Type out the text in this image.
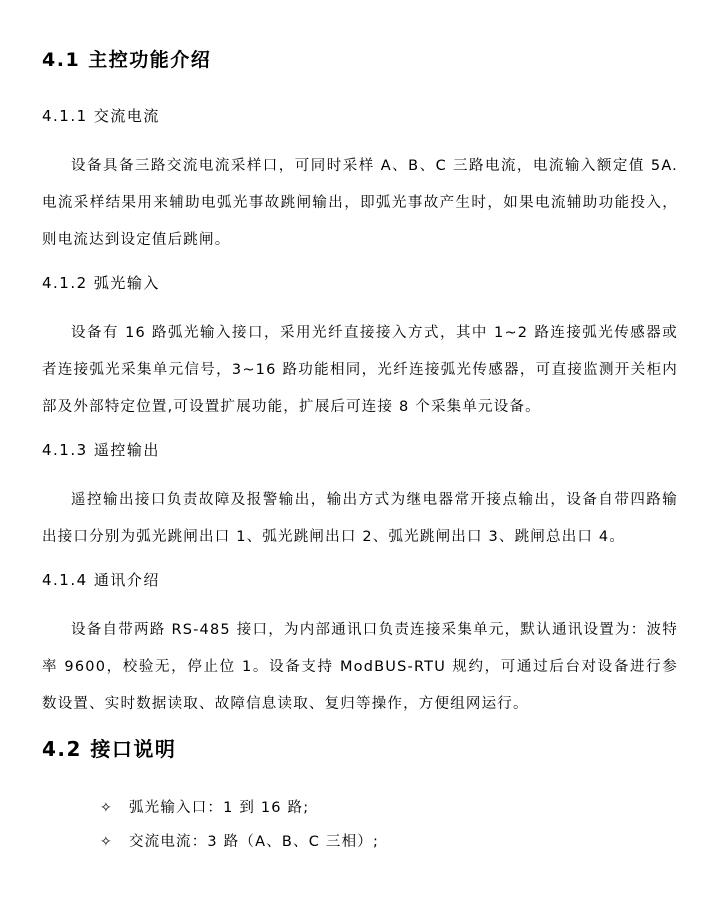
4.1 主控功能介绍
4.1.1 交流电流

设备具备三路交流电流采样口，可同时采样 A、B、C 三路电流，电流输入额定值 5A.电流采样结果用来辅助电弧光事故跳闸输出，即弧光事故产生时，如果电流辅助功能投入，则电流达到设定值后跳闸。

4.1.2 弧光输入

设备有 16 路弧光输入接口，采用光纤直接接入方式，其中 1~2 路连接弧光传感器或者连接弧光采集单元信号，3~16 路功能相同，光纤连接弧光传感器，可直接监测开关柜内部及外部特定位置,可设置扩展功能，扩展后可连接 8 个采集单元设备。

4.1.3 遥控输出

遥控输出接口负责故障及报警输出，输出方式为继电器常开接点输出，设备自带四路输出接口分别为弧光跳闸出口 1、弧光跳闸出口 2、弧光跳闸出口 3、跳闸总出口 4。

4.1.4 通讯介绍

设备自带两路 RS-485 接口，为内部通讯口负责连接采集单元，默认通讯设置为：波特率 9600，校验无，停止位 1。设备支持 ModBUS-RTU 规约，可通过后台对设备进行参数设置、实时数据读取、故障信息读取、复归等操作，方便组网运行。

4.2 接口说明
✧ 弧光输入口：1 到 16 路;
✧ 交流电流：3 路（A、B、C 三相）;
